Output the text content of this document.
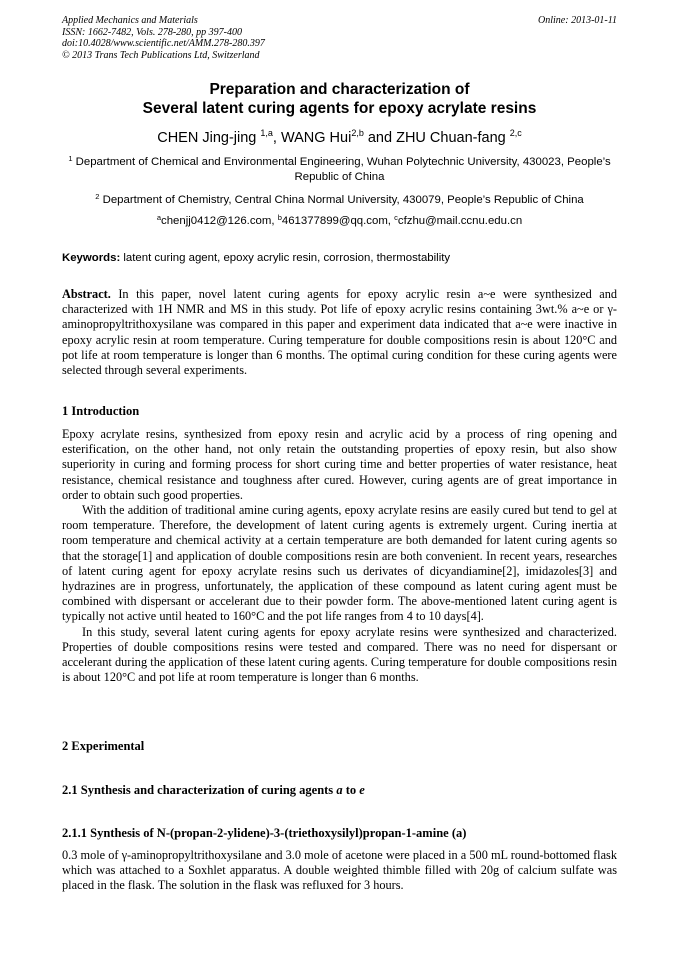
Applied Mechanics and Materials
ISSN: 1662-7482, Vols. 278-280, pp 397-400
doi:10.4028/www.scientific.net/AMM.278-280.397
© 2013 Trans Tech Publications Ltd, Switzerland
Online: 2013-01-11
Preparation and characterization of
Several latent curing agents for epoxy acrylate resins
CHEN Jing-jing $^{1,a}$, WANG Hui$^{2,b}$ and ZHU Chuan-fang $^{2,c}$
$^1$ Department of Chemical and Environmental Engineering, Wuhan Polytechnic University, 430023, People’s Republic of China
$^2$ Department of Chemistry, Central China Normal University, 430079, People’s Republic of China
$^a$chenjj0412@126.com, $^b$461377899@qq.com, $^c$cfzhu@mail.ccnu.edu.cn
Keywords: latent curing agent, epoxy acrylic resin, corrosion, thermostability
Abstract. In this paper, novel latent curing agents for epoxy acrylic resin a~e were synthesized and characterized with 1H NMR and MS in this study. Pot life of epoxy acrylic resins containing 3wt.% a~e or γ-aminopropyltrithoxysilane was compared in this paper and experiment data indicated that a~e were inactive in epoxy acrylic resin at room temperature. Curing temperature for double compositions resin is about 120°C and pot life at room temperature is longer than 6 months. The optimal curing condition for these curing agents were selected through several experiments.
1 Introduction

Epoxy acrylate resins, synthesized from epoxy resin and acrylic acid by a process of ring opening and esterification, on the other hand, not only retain the outstanding properties of epoxy resin, but also show superiority in curing and forming process for short curing time and better properties of water resistance, heat resistance, chemical resistance and toughness after cured. However, curing agents are of great importance in order to obtain such good properties.

With the addition of traditional amine curing agents, epoxy acrylate resins are easily cured but tend to gel at room temperature. Therefore, the development of latent curing agents is extremely urgent. Curing inertia at room temperature and chemical activity at a certain temperature are both demanded for latent curing agents so that the storage[1] and application of double compositions resin are both convenient. In recent years, researches of latent curing agent for epoxy acrylate resins such us derivates of dicyandiamine[2], imidazoles[3] and hydrazines are in progress, unfortunately, the application of these compound as latent curing agent must be combined with dispersant or accelerant due to their powder form. The above-mentioned latent curing agent is typically not active until heated to 160°C and the pot life ranges from 4 to 10 days[4].

In this study, several latent curing agents for epoxy acrylate resins were synthesized and characterized. Properties of double compositions resins were tested and compared. There was no need for dispersant or accelerant during the application of these latent curing agents. Curing temperature for double compositions resin is about 120°C and pot life at room temperature is longer than 6 months.

2 Experimental
2.1 Synthesis and characterization of curing agents a to e
2.1.1 Synthesis of N-(propan-2-ylidene)-3-(triethoxysilyl)propan-1-amine (a)

0.3 mole of γ-aminopropyltrithoxysilane and 3.0 mole of acetone were placed in a 500 mL round-bottomed flask which was attached to a Soxhlet apparatus. A double weighted thimble filled with 20g of calcium sulfate was placed in the flask. The solution in the flask was refluxed for 3 hours.
